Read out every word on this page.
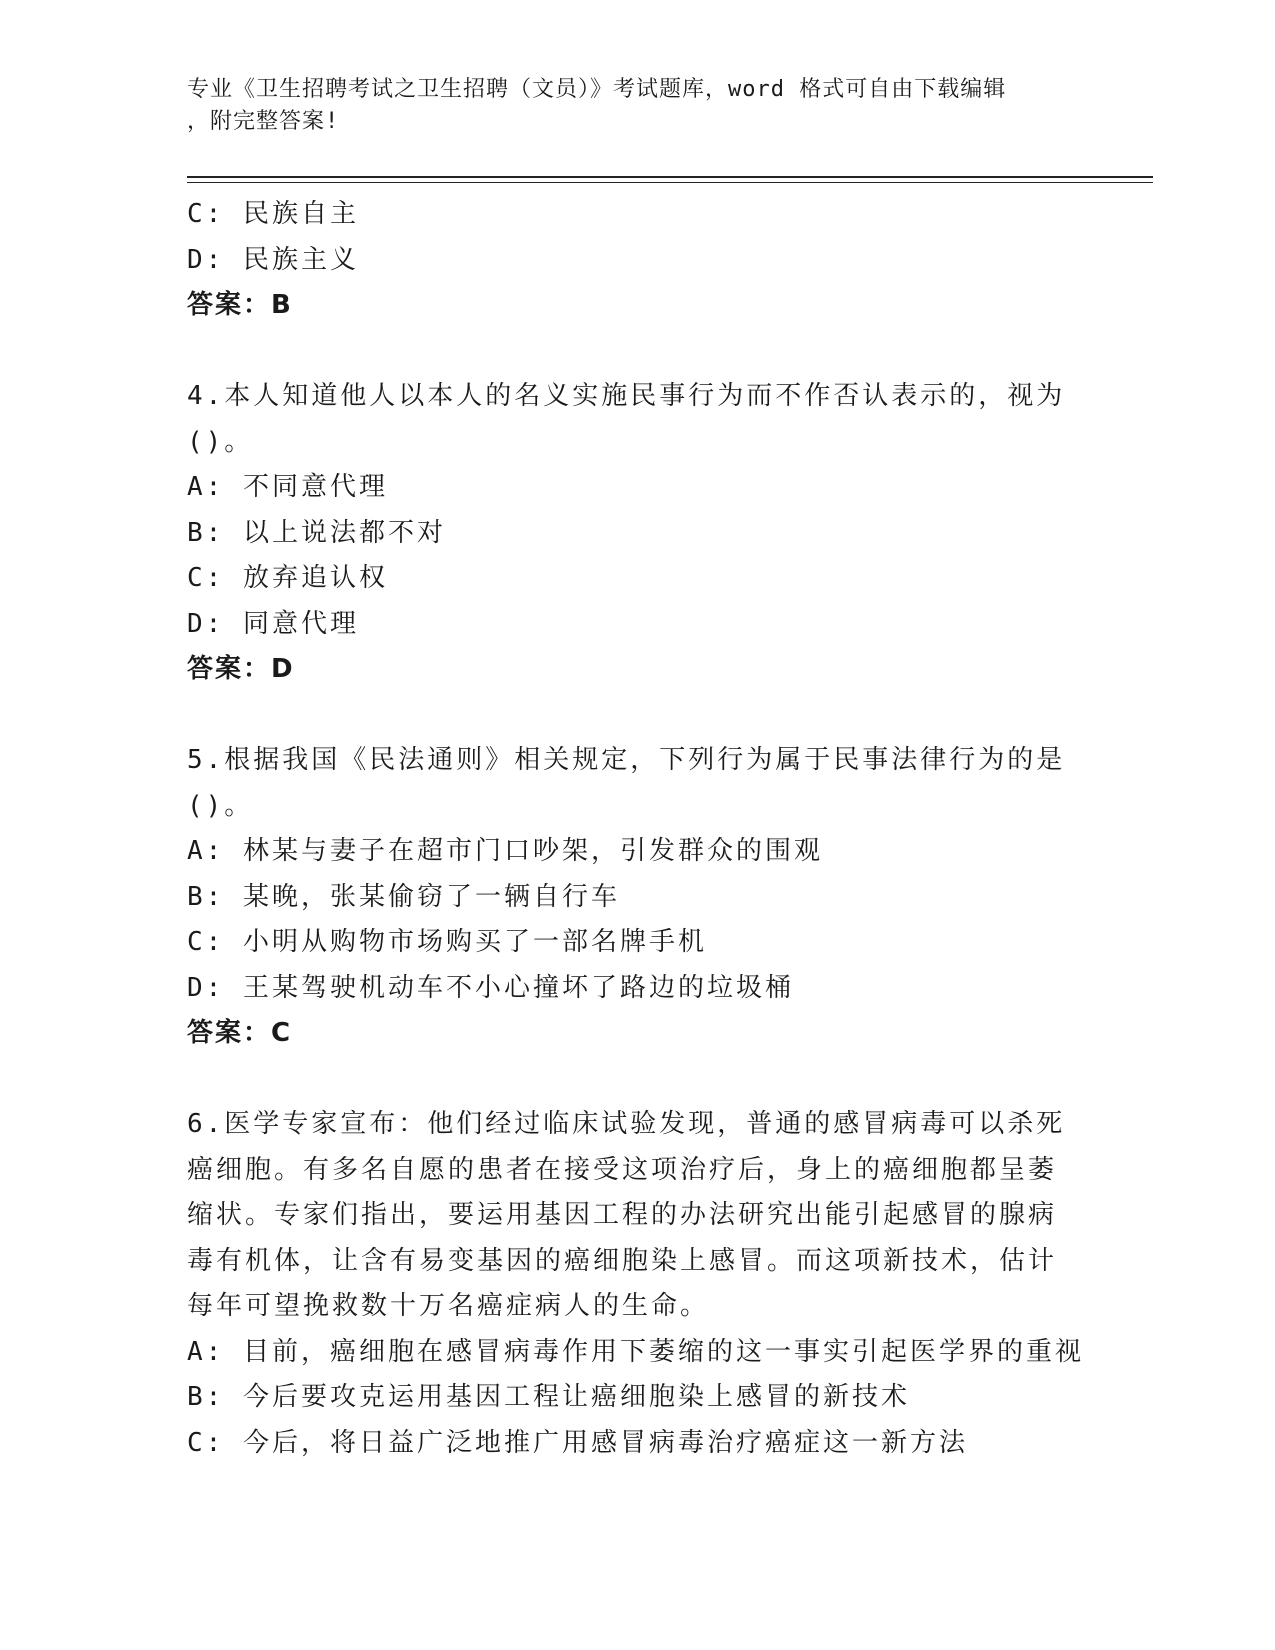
专业《卫生招聘考试之卫生招聘（文员）》考试题库，word 格式可自由下载编辑
，附完整答案!
C: 民族自主
D: 民族主义
答案：B
4.本人知道他人以本人的名义实施民事行为而不作否认表示的，视为
()。
A: 不同意代理
B: 以上说法都不对
C: 放弃追认权
D: 同意代理
答案：D
5.根据我国《民法通则》相关规定，下列行为属于民事法律行为的是
()。
A: 林某与妻子在超市门口吵架，引发群众的围观
B: 某晚，张某偷窃了一辆自行车
C: 小明从购物市场购买了一部名牌手机
D: 王某驾驶机动车不小心撞坏了路边的垃圾桶
答案：C
6.医学专家宣布：他们经过临床试验发现，普通的感冒病毒可以杀死
癌细胞。有多名自愿的患者在接受这项治疗后，身上的癌细胞都呈萎
缩状。专家们指出，要运用基因工程的办法研究出能引起感冒的腺病
毒有机体，让含有易变基因的癌细胞染上感冒。而这项新技术，估计
每年可望挽救数十万名癌症病人的生命。
A: 目前，癌细胞在感冒病毒作用下萎缩的这一事实引起医学界的重视
B: 今后要攻克运用基因工程让癌细胞染上感冒的新技术
C: 今后，将日益广泛地推广用感冒病毒治疗癌症这一新方法
